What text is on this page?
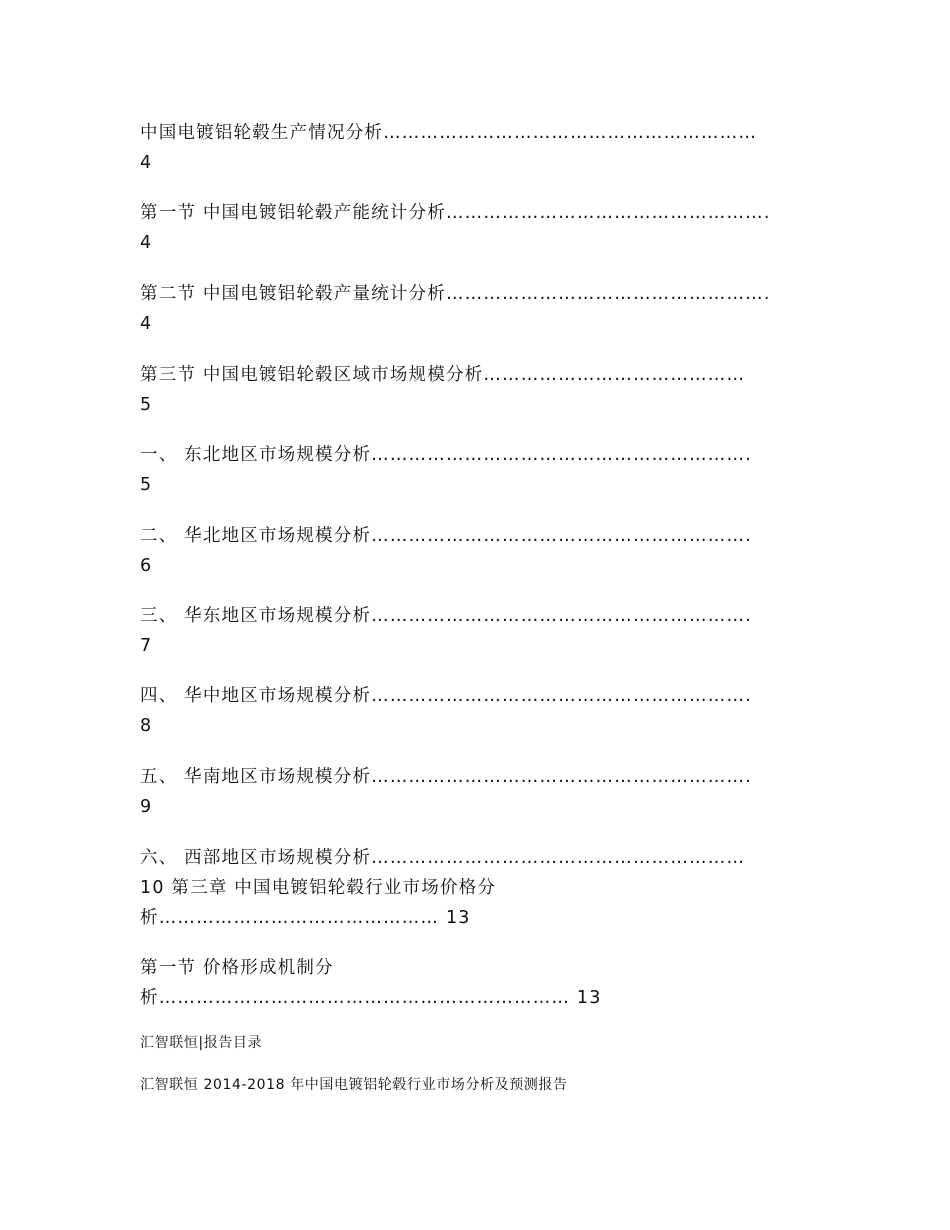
中国电镀铝轮毂生产情况分析……………………………………………………
4
第一节 中国电镀铝轮毂产能统计分析…………………………………………….
4
第二节 中国电镀铝轮毂产量统计分析…………………………………………….
4
第三节 中国电镀铝轮毂区域市场规模分析……………………………………
5
一、 东北地区市场规模分析…………………………………………………….
5
二、 华北地区市场规模分析…………………………………………………….
6
三、 华东地区市场规模分析…………………………………………………….
7
四、 华中地区市场规模分析…………………………………………………….
8
五、 华南地区市场规模分析…………………………………………………….
9
六、 西部地区市场规模分析……………………………………………………
10 第三章 中国电镀铝轮毂行业市场价格分
析……………………………………… 13
第一节 价格形成机制分
析………………………………………………………… 13
汇智联恒|报告目录
汇智联恒 2014-2018 年中国电镀铝轮毂行业市场分析及预测报告
